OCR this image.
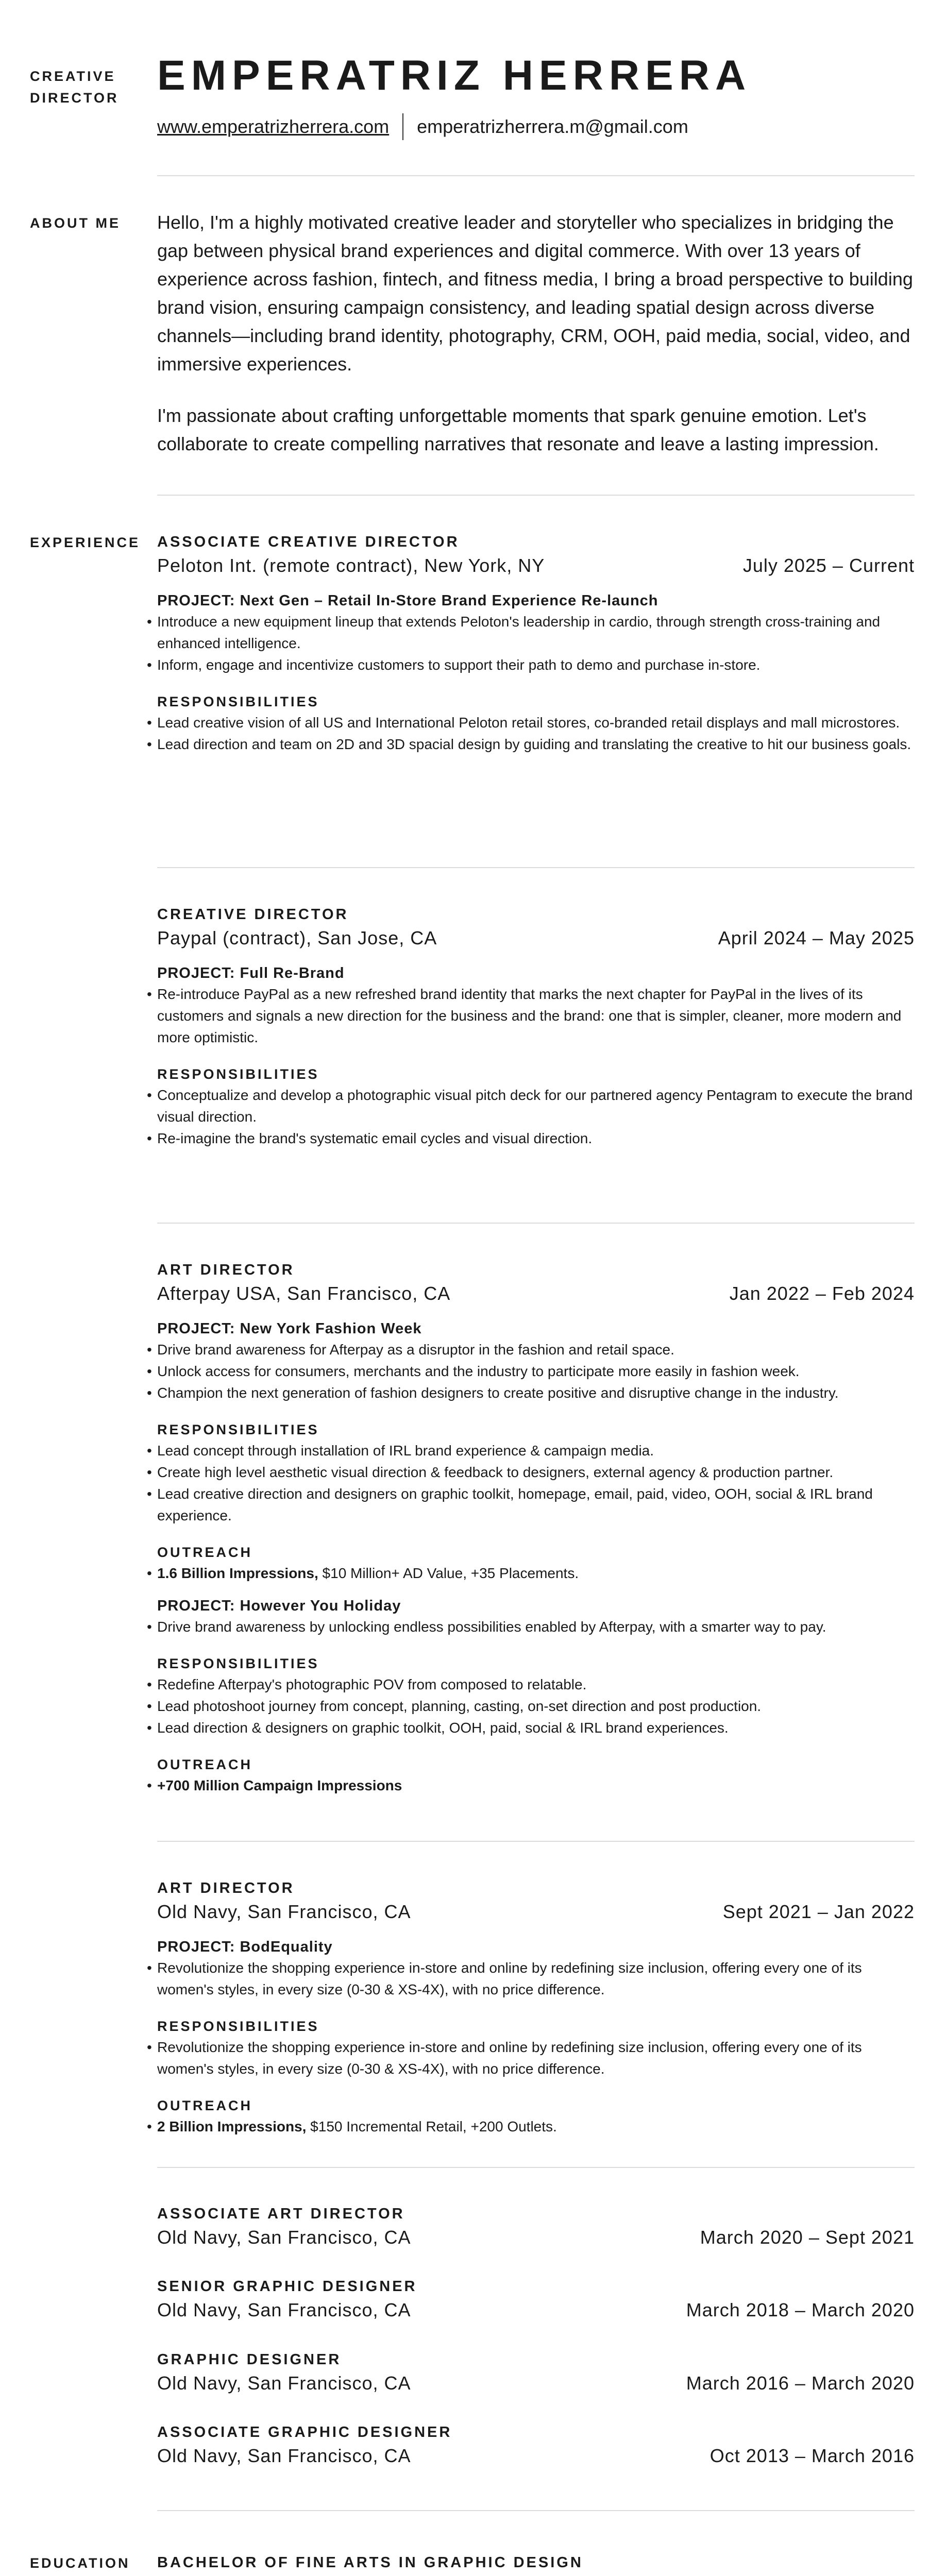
CREATIVE
DIRECTOR EMPERATRIZ HERRERA
www.emperatrizherrera.com emperatrizherrera.m@gmail.com
ABOUT ME Hello, I'm a highly motivated creative leader and storyteller who specializes in bridging the gap between physical brand experiences and digital commerce. With over 13 years of experience across fashion, fintech, and fitness media, I bring a broad perspective to building brand vision, ensuring campaign consistency, and leading spatial design across diverse channels—including brand identity, photography, CRM, OOH, paid media, social, video, and immersive experiences.
I'm passionate about crafting unforgettable moments that spark genuine emotion. Let's collaborate to create compelling narratives that resonate and leave a lasting impression.
EXPERIENCE ASSOCIATE CREATIVE DIRECTOR
Peloton Int. (remote contract), New York, NY	July 2025 – Current
PROJECT: Next Gen – Retail In-Store Brand Experience Re-launch
• Introduce a new equipment lineup that extends Peloton's leadership in cardio, through strength cross-training and enhanced intelligence.
• Inform, engage and incentivize customers to support their path to demo and purchase in-store.
RESPONSIBILITIES
• Lead creative vision of all US and International Peloton retail stores, co-branded retail displays and mall microstores.
• Lead direction and team on 2D and 3D spacial design by guiding and translating the creative to hit our business goals.
CREATIVE DIRECTOR
Paypal (contract), San Jose, CA	April 2024 – May 2025
PROJECT: Full Re-Brand
• Re-introduce PayPal as a new refreshed brand identity that marks the next chapter for PayPal in the lives of its customers and signals a new direction for the business and the brand: one that is simpler, cleaner, more modern and more optimistic.
RESPONSIBILITIES
• Conceptualize and develop a photographic visual pitch deck for our partnered agency Pentagram to execute the brand visual direction.
• Re-imagine the brand's systematic email cycles and visual direction.
ART DIRECTOR
Afterpay USA, San Francisco, CA	Jan 2022 – Feb 2024
PROJECT: New York Fashion Week
• Drive brand awareness for Afterpay as a disruptor in the fashion and retail space.
• Unlock access for consumers, merchants and the industry to participate more easily in fashion week.
• Champion the next generation of fashion designers to create positive and disruptive change in the industry.
RESPONSIBILITIES
• Lead concept through installation of IRL brand experience & campaign media.
• Create high level aesthetic visual direction & feedback to designers, external agency & production partner.
• Lead creative direction and designers on graphic toolkit, homepage, email, paid, video, OOH, social & IRL brand experience.
OUTREACH
• 1.6 Billion Impressions, $10 Million+ AD Value, +35 Placements.
PROJECT: However You Holiday
• Drive brand awareness by unlocking endless possibilities enabled by Afterpay, with a smarter way to pay.
RESPONSIBILITIES
• Redefine Afterpay's photographic POV from composed to relatable.
• Lead photoshoot journey from concept, planning, casting, on-set direction and post production.
• Lead direction & designers on graphic toolkit, OOH, paid, social & IRL brand experiences.
OUTREACH
• +700 Million Campaign Impressions
ART DIRECTOR
Old Navy, San Francisco, CA	Sept 2021 – Jan 2022
PROJECT: BodEquality
• Revolutionize the shopping experience in-store and online by redefining size inclusion, offering every one of its women's styles, in every size (0-30 & XS-4X), with no price difference.
RESPONSIBILITIES
• Revolutionize the shopping experience in-store and online by redefining size inclusion, offering every one of its women's styles, in every size (0-30 & XS-4X), with no price difference.
OUTREACH
• 2 Billion Impressions, $150 Incremental Retail, +200 Outlets.
ASSOCIATE ART DIRECTOR
Old Navy, San Francisco, CA	March 2020 – Sept 2021
SENIOR GRAPHIC DESIGNER
Old Navy, San Francisco, CA	March 2018 – March 2020
GRAPHIC DESIGNER
Old Navy, San Francisco, CA	March 2016 – March 2020
ASSOCIATE GRAPHIC DESIGNER
Old Navy, San Francisco, CA	Oct 2013 – March 2016
EDUCATION BACHELOR OF FINE ARTS IN GRAPHIC DESIGN
